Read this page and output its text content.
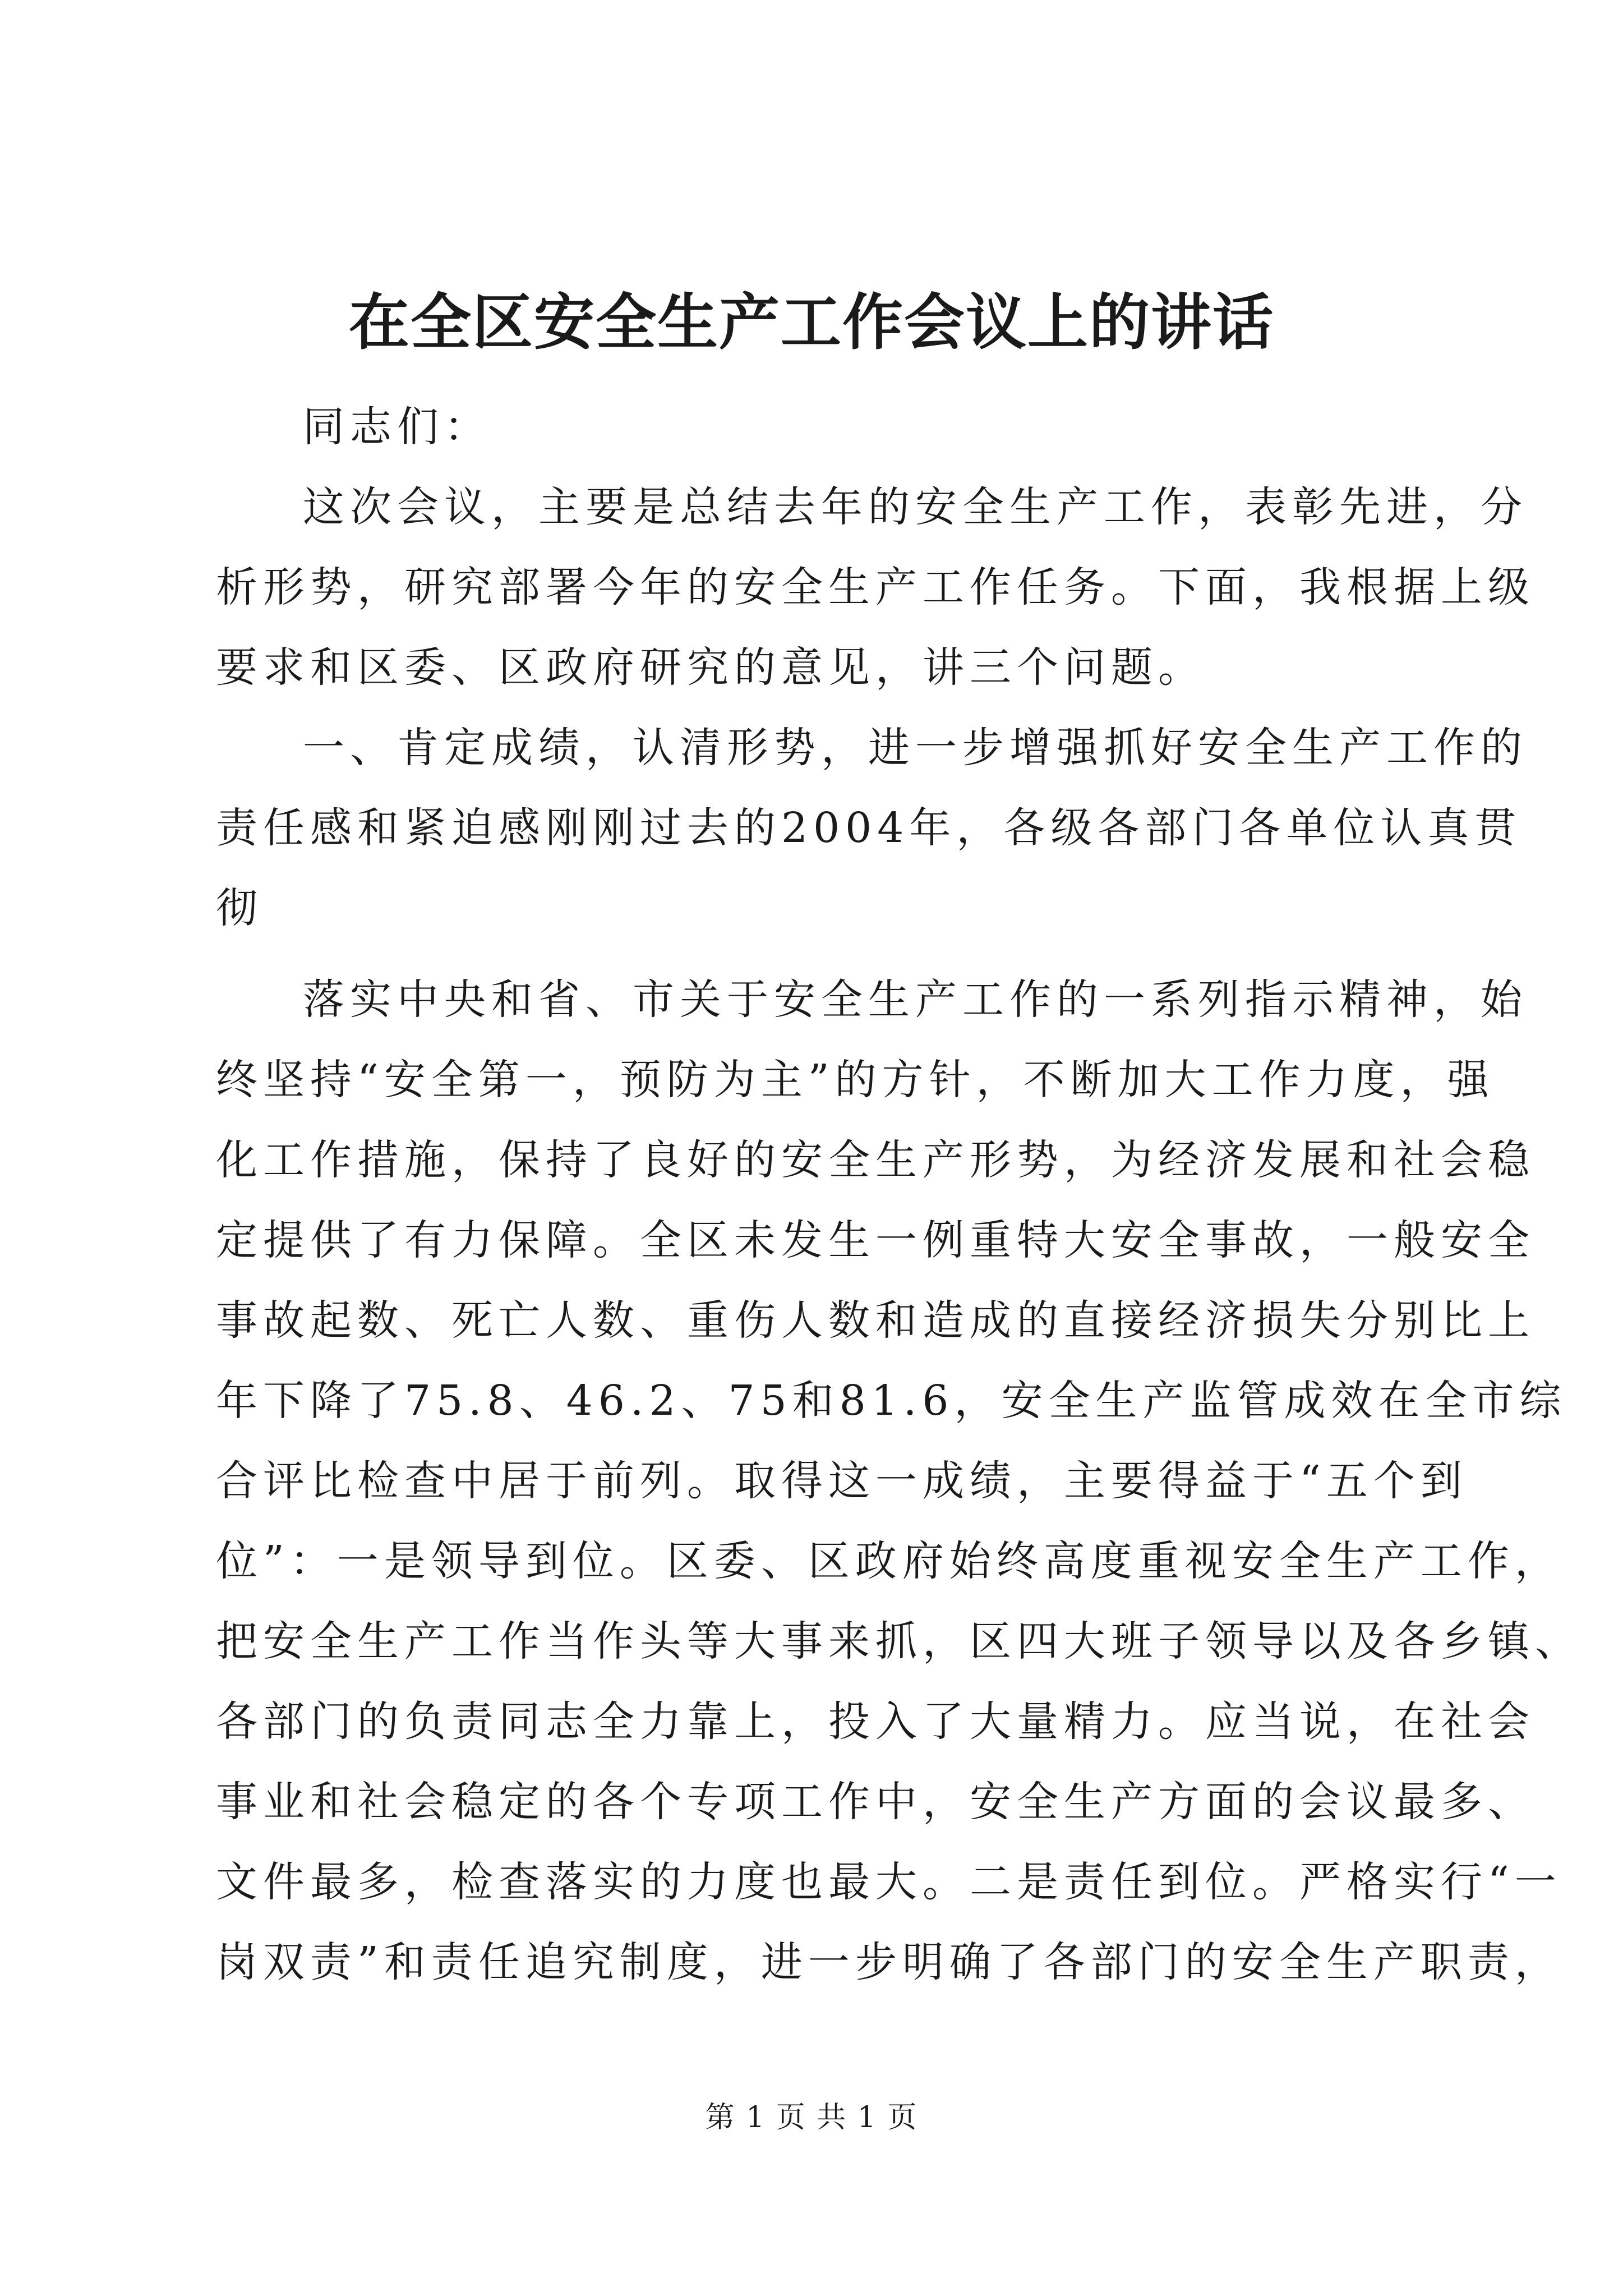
在全区安全生产工作会议上的讲话
同志们：
这次会议，主要是总结去年的安全生产工作，表彰先进，分
析形势，研究部署今年的安全生产工作任务。下面，我根据上级
要求和区委、区政府研究的意见，讲三个问题。
一、肯定成绩，认清形势，进一步增强抓好安全生产工作的
责任感和紧迫感刚刚过去的2004年，各级各部门各单位认真贯
彻
落实中央和省、市关于安全生产工作的一系列指示精神，始
终坚持“安全第一，预防为主”的方针，不断加大工作力度，强
化工作措施，保持了良好的安全生产形势，为经济发展和社会稳
定提供了有力保障。全区未发生一例重特大安全事故，一般安全
事故起数、死亡人数、重伤人数和造成的直接经济损失分别比上
年下降了75.8、46.2、75和81.6，安全生产监管成效在全市综
合评比检查中居于前列。取得这一成绩，主要得益于“五个到
位”：一是领导到位。区委、区政府始终高度重视安全生产工作，
把安全生产工作当作头等大事来抓，区四大班子领导以及各乡镇、
各部门的负责同志全力靠上，投入了大量精力。应当说，在社会
事业和社会稳定的各个专项工作中，安全生产方面的会议最多、
文件最多，检查落实的力度也最大。二是责任到位。严格实行“一
岗双责”和责任追究制度，进一步明确了各部门的安全生产职责，
第 1 页 共 1 页
